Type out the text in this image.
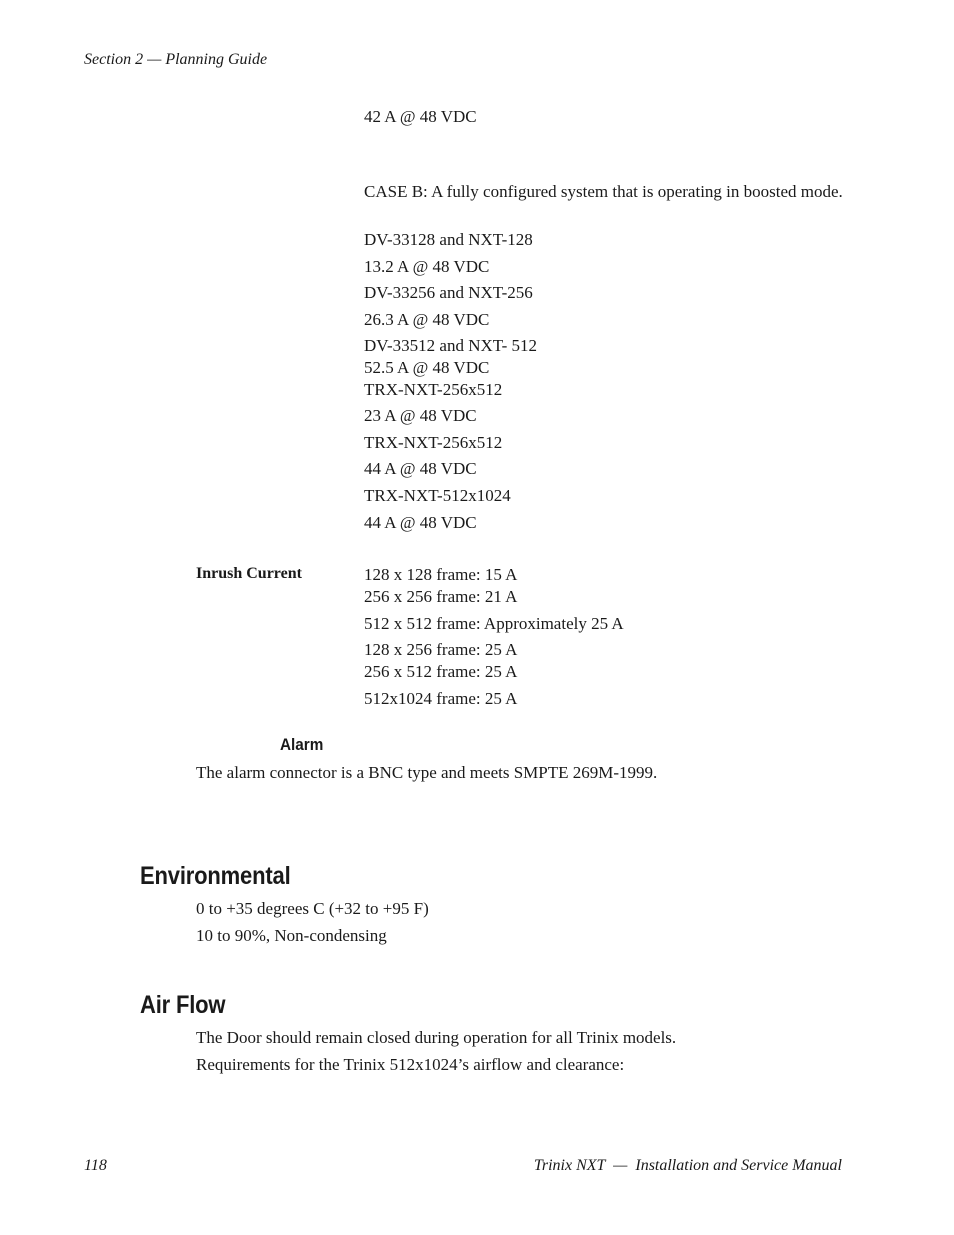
Section 2 — Planning Guide
42 A @ 48 VDC
CASE B: A fully configured system that is operating in boosted mode.
DV-33128 and NXT-128
13.2 A @ 48 VDC
DV-33256 and NXT-256
26.3 A @ 48 VDC
DV-33512 and NXT- 512
52.5 A @ 48 VDC
TRX-NXT-256x512
23 A @ 48 VDC
TRX-NXT-256x512
44 A @ 48 VDC
TRX-NXT-512x1024
44 A @ 48 VDC
Inrush Current	128 x 128 frame: 15 A
256 x 256 frame: 21 A
512 x 512 frame: Approximately 25 A
128 x 256 frame: 25 A
256 x 512 frame: 25 A
512x1024 frame: 25 A
Alarm
The alarm connector is a BNC type and meets SMPTE 269M-1999.
Environmental
0 to +35 degrees C (+32 to +95 F)
10 to 90%, Non-condensing
Air Flow
The Door should remain closed during operation for all Trinix models.
Requirements for the Trinix 512x1024’s airflow and clearance:
118	Trinix NXT  —  Installation and Service Manual
